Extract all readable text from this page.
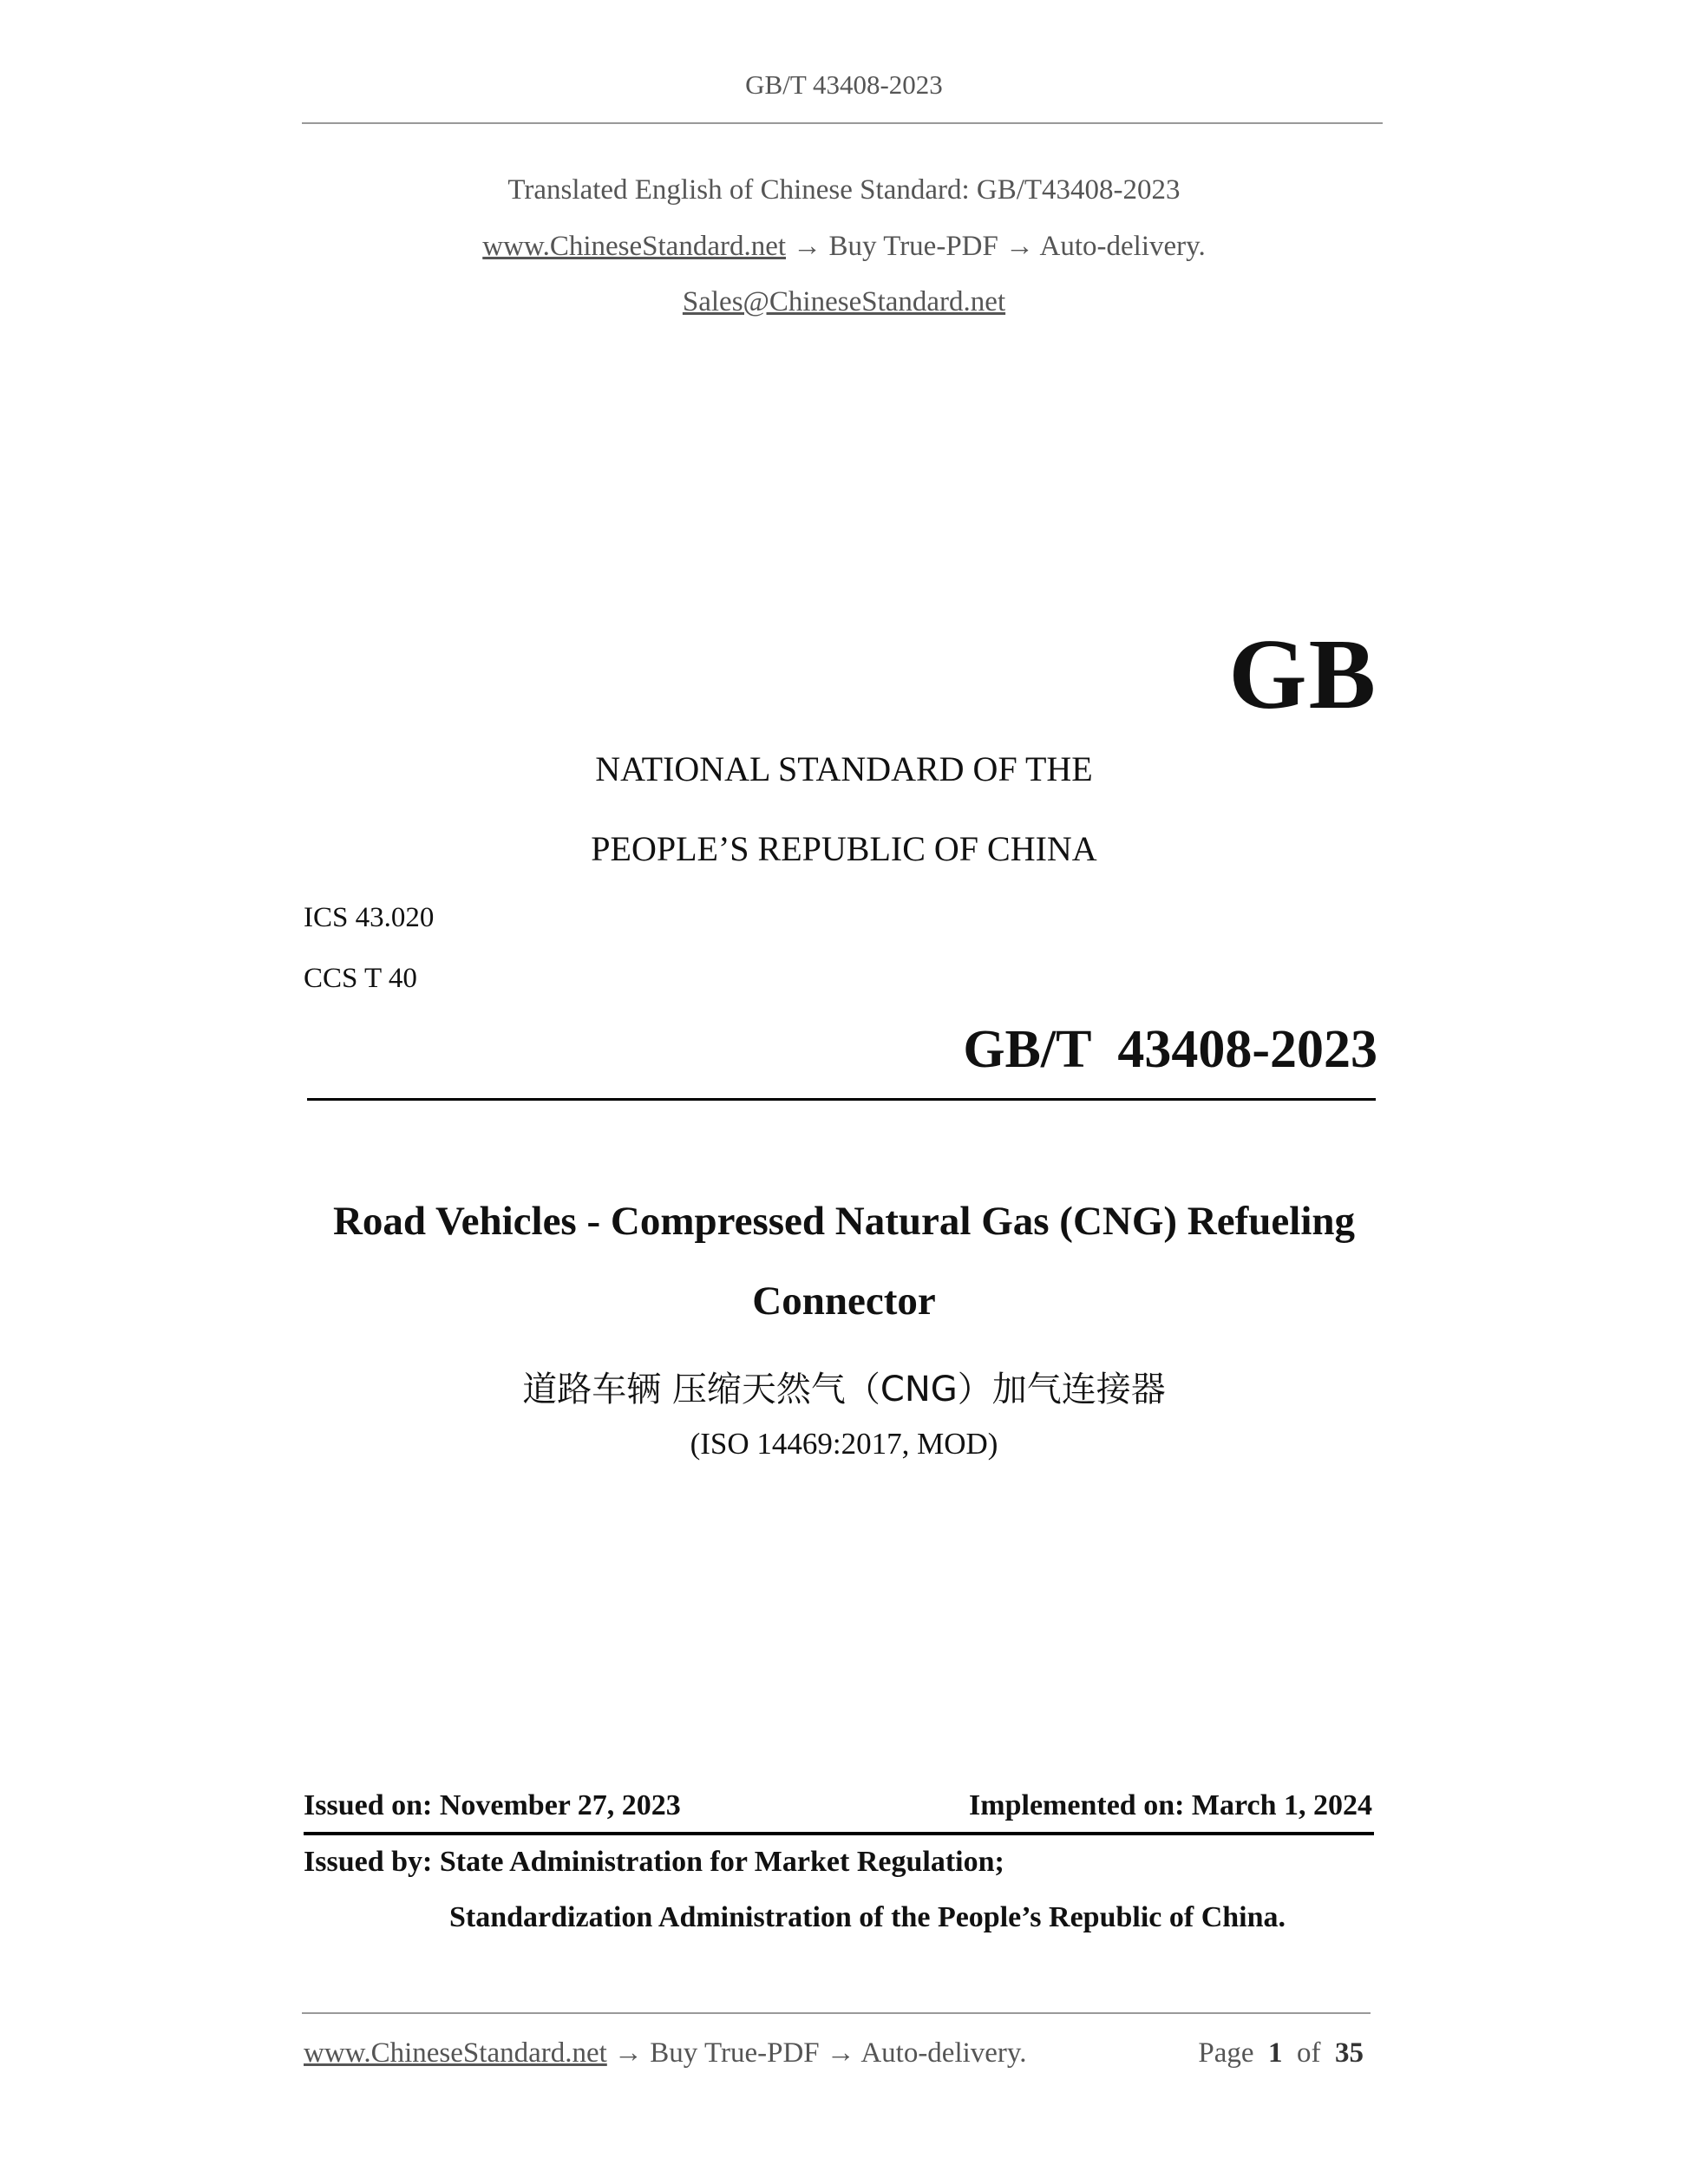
GB/T 43408-2023
Translated English of Chinese Standard: GB/T43408-2023
www.ChineseStandard.net → Buy True-PDF → Auto-delivery.
Sales@ChineseStandard.net
GB
NATIONAL STANDARD OF THE
PEOPLE’S REPUBLIC OF CHINA
ICS 43.020
CCS T 40
GB/T  43408-2023
Road Vehicles - Compressed Natural Gas (CNG) Refueling
Connector
道路车辆 压缩天然气（CNG）加气连接器
(ISO 14469:2017, MOD)
Issued on: November 27, 2023	Implemented on: March 1, 2024
Issued by: State Administration for Market Regulation;
Standardization Administration of the People’s Republic of China.
www.ChineseStandard.net → Buy True-PDF → Auto-delivery.	Page 1 of 35
